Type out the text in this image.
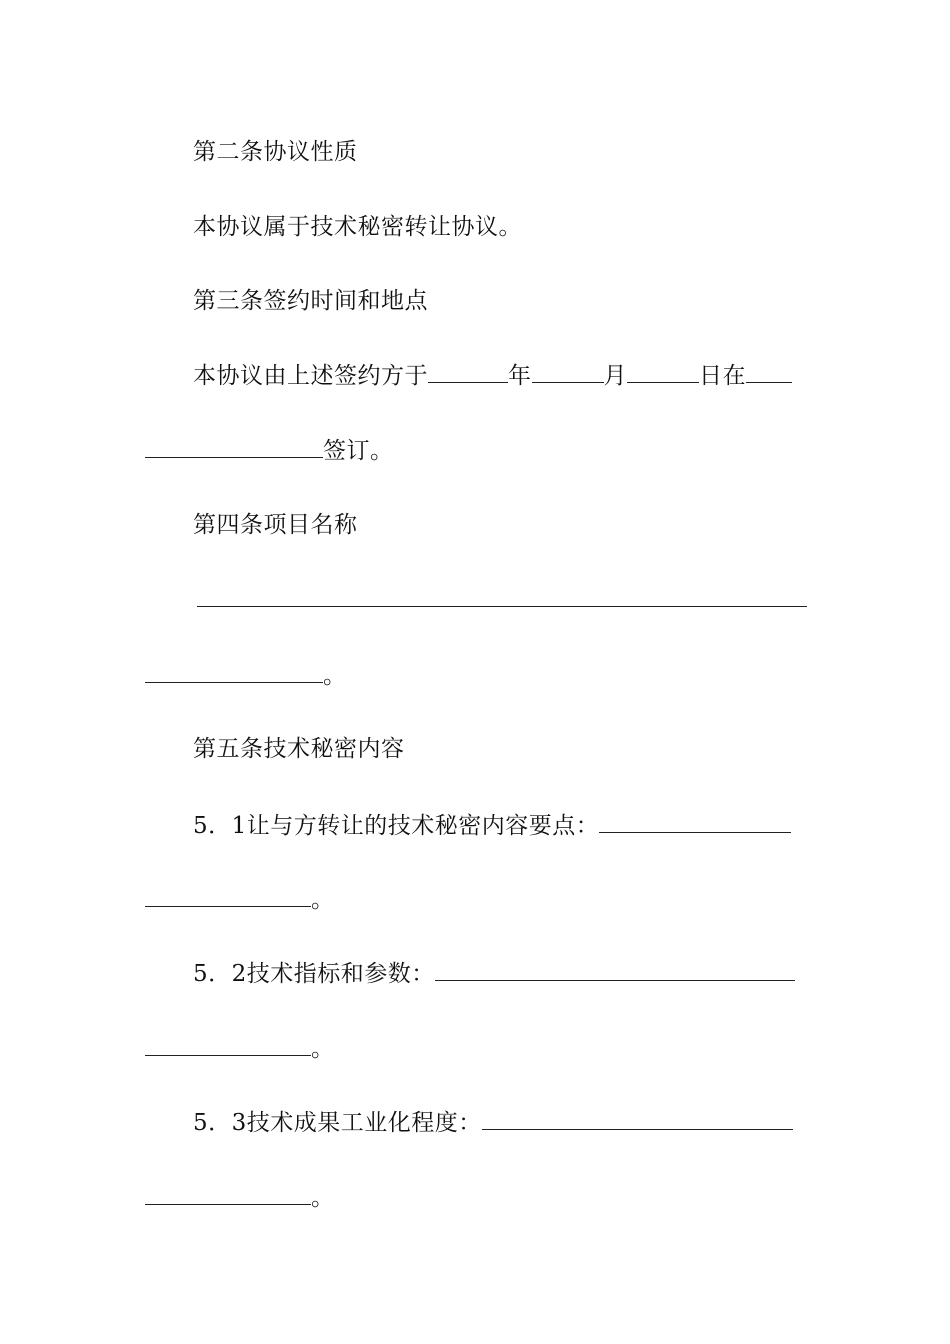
第二条协议性质
本协议属于技术秘密转让协议。
第三条签约时间和地点
本协议由上述签约方于	年	月	日在
签订。
第四条项目名称
。
第五条技术秘密内容
5．1让与方转让的技术秘密内容要点：
。
5．2技术指标和参数：
。
5．3技术成果工业化程度：
。
